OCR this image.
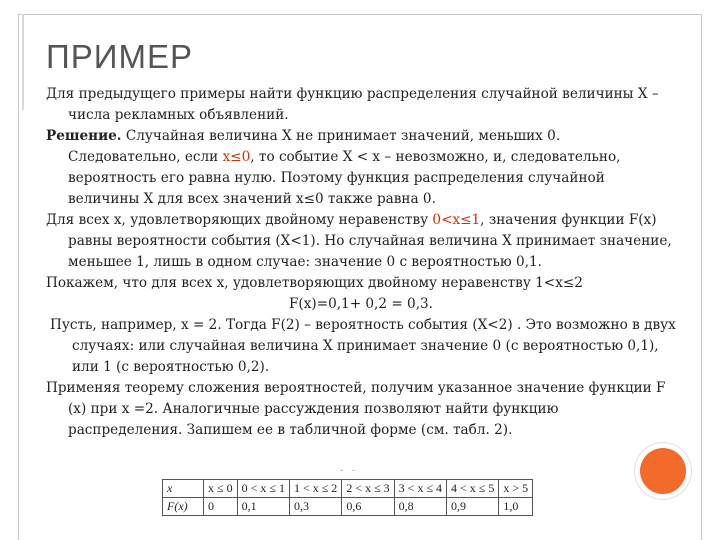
ПРИМЕР

Для предыдущего примеры найти функцию распределения случайной величины X – числа рекламных объявлений.

Решение. Случайная величина X не принимает значений, меньших 0. Следовательно, если x≤0, то событие X < x – невозможно, и, следовательно, вероятность его равна нулю. Поэтому функция распределения случайной величины X для всех значений x≤0 также равна 0.

Для всех x, удовлетворяющих двойному неравенству 0<x≤1, значения функции F(x) равны вероятности события (X<1). Но случайная величина X принимает значение, меньшее 1, лишь в одном случае: значение 0 с вероятностью 0,1.

Покажем, что для всех x, удовлетворяющих двойному неравенству 1<x≤2

F(x)=0,1+ 0,2 = 0,3.

Пусть, например, x = 2. Тогда F(2) – вероятность события (X<2) . Это возможно в двух случаях: или случайная величина X принимает значение 0 (с вероятностью 0,1), или 1 (с вероятностью 0,2).

Применяя теорему сложения вероятностей, получим указанное значение функции F (x) при x =2. Аналогичные рассуждения позволяют найти функцию распределения. Запишем ее в табличной форме (см. табл. 2).

- -
x	x ≤ 0	0 < x ≤ 1	1 < x ≤ 2	2 < x ≤ 3	3 < x ≤ 4	4 < x ≤ 5	x > 5
F(x)	0	0,1	0,3	0,6	0,8	0,9	1,0
